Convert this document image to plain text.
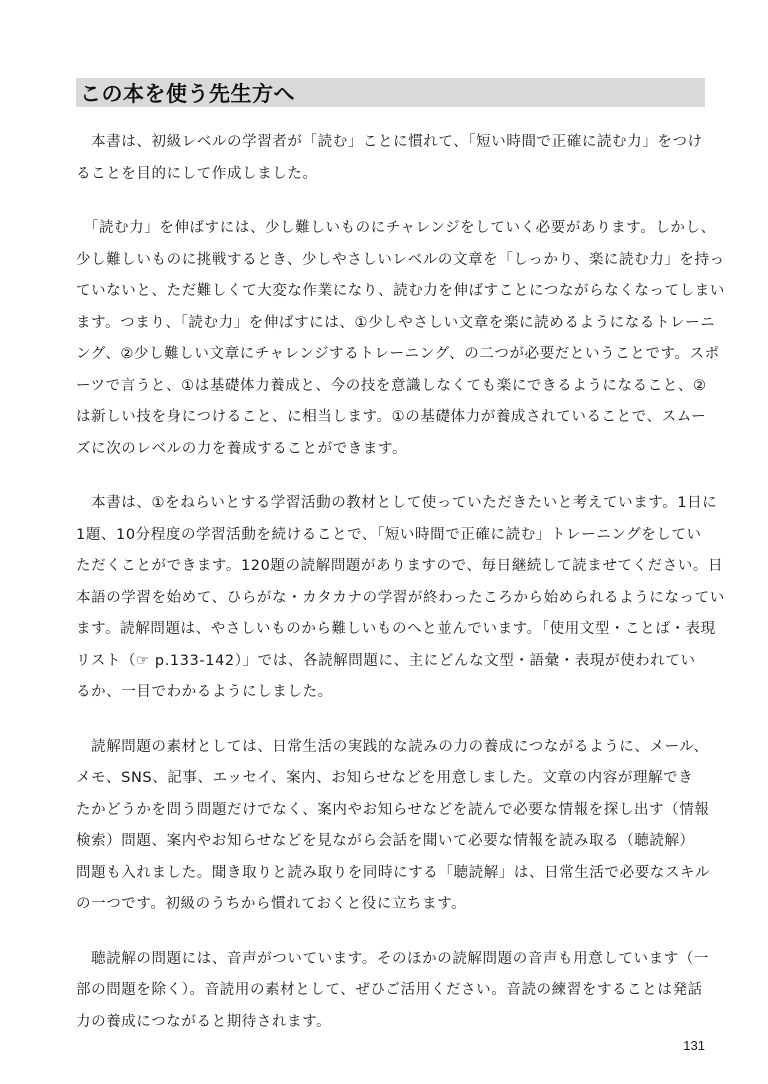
この本を使う先生方へ
　本書は、初級レベルの学習者が「読む」ことに慣れて、「短い時間で正確に読む力」をつけ
ることを目的にして作成しました。
　「読む力」を伸ばすには、少し難しいものにチャレンジをしていく必要があります。しかし、
少し難しいものに挑戦するとき、少しやさしいレベルの文章を「しっかり、楽に読む力」を持っ
ていないと、ただ難しくて大変な作業になり、読む力を伸ばすことにつながらなくなってしまい
ます。つまり、「読む力」を伸ばすには、①少しやさしい文章を楽に読めるようになるトレーニ
ング、②少し難しい文章にチャレンジするトレーニング、の二つが必要だということです。スポ
ーツで言うと、①は基礎体力養成と、今の技を意識しなくても楽にできるようになること、②
は新しい技を身につけること、に相当します。①の基礎体力が養成されていることで、スムー
ズに次のレベルの力を養成することができます。
　本書は、①をねらいとする学習活動の教材として使っていただきたいと考えています。1日に
1題、10分程度の学習活動を続けることで、「短い時間で正確に読む」トレーニングをしてい
ただくことができます。120題の読解問題がありますので、毎日継続して読ませてください。日
本語の学習を始めて、ひらがな・カタカナの学習が終わったころから始められるようになってい
ます。読解問題は、やさしいものから難しいものへと並んでいます。「使用文型・ことば・表現
リスト（☞ p.133-142）」では、各読解問題に、主にどんな文型・語彙・表現が使われてい
るか、一目でわかるようにしました。
　読解問題の素材としては、日常生活の実践的な読みの力の養成につながるように、メール、
メモ、SNS、記事、エッセイ、案内、お知らせなどを用意しました。文章の内容が理解でき
たかどうかを問う問題だけでなく、案内やお知らせなどを読んで必要な情報を探し出す（情報
検索）問題、案内やお知らせなどを見ながら会話を聞いて必要な情報を読み取る（聴読解）
問題も入れました。聞き取りと読み取りを同時にする「聴読解」は、日常生活で必要なスキル
の一つです。初級のうちから慣れておくと役に立ちます。
　聴読解の問題には、音声がついています。そのほかの読解問題の音声も用意しています（一
部の問題を除く）。音読用の素材として、ぜひご活用ください。音読の練習をすることは発話
力の養成につながると期待されます。
131
